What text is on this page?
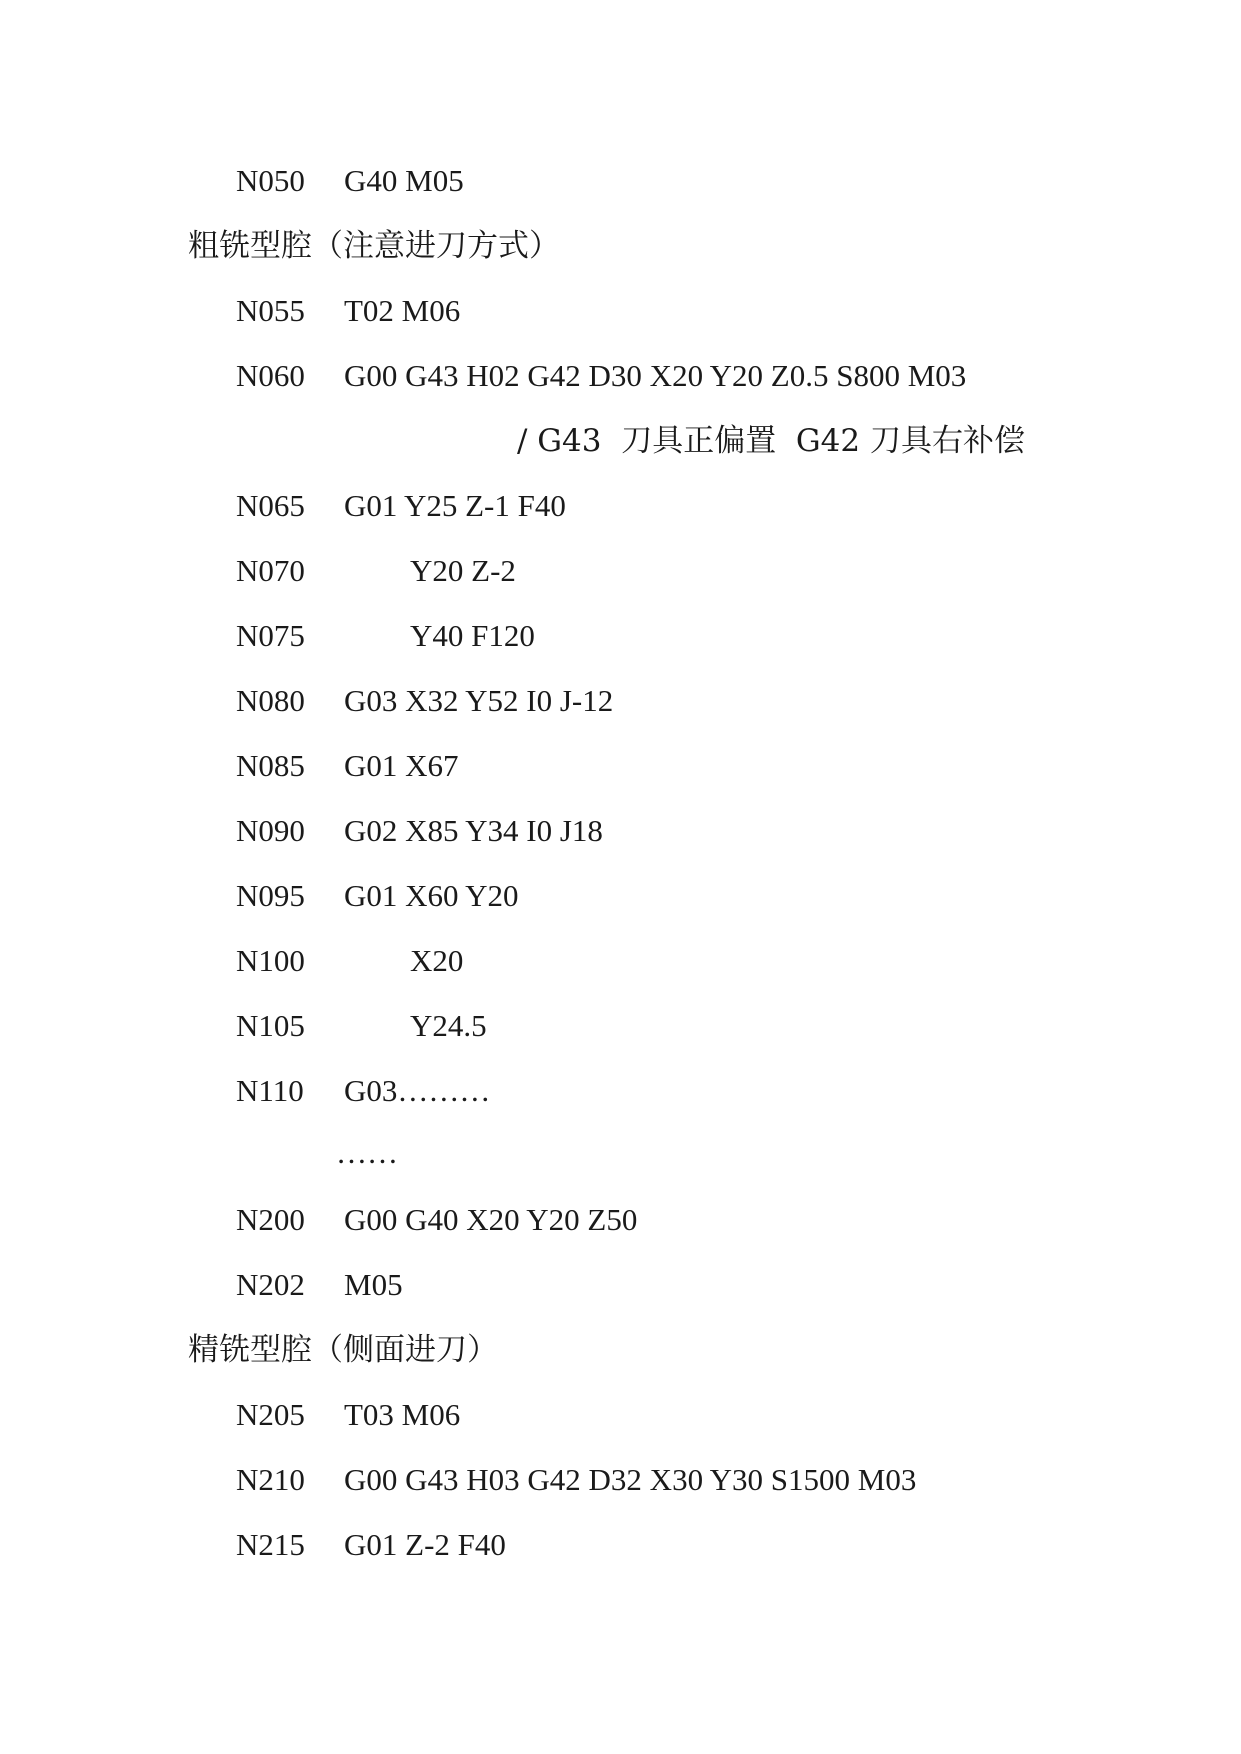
N050 G40 M05
粗铣型腔（注意进刀方式）
N055 T02 M06
N060 G00 G43 H02 G42 D30 X20 Y20 Z0.5 S800 M03
/ G43  刀具正偏置  G42 刀具右补偿
N065 G01 Y25 Z-1 F40
N070	Y20 Z-2
N075	Y40 F120
N080 G03 X32 Y52 I0 J-12
N085 G01 X67
N090 G02 X85 Y34 I0 J18
N095 G01 X60 Y20
N100	X20
N105	Y24.5
N110 G03………
……
N200 G00 G40 X20 Y20 Z50
N202 M05
精铣型腔（侧面进刀）
N205 T03 M06
N210 G00 G43 H03 G42 D32 X30 Y30 S1500 M03
N215 G01 Z-2 F40
